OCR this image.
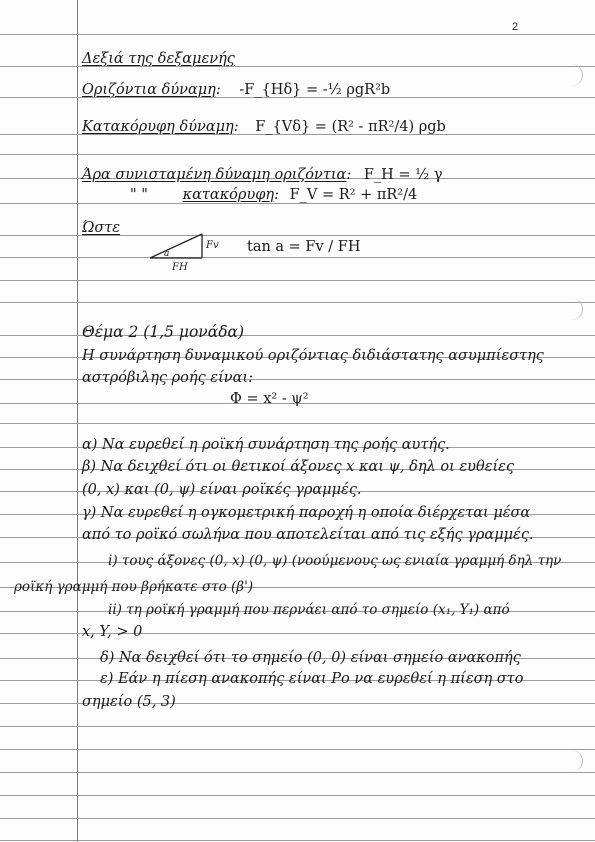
2
Δεξιά της δεξαμενής
Οριζόντια δύναμη: -F_{Hδ} = -½ ρgR²b
Κατακόρυφη δύναμη: F_{Vδ} = (R² - πR²/4) ρgb
Άρα συνισταμένη δύναμη οριζόντια: F_H = ½ γ
" " κατακόρυφη: F_V = R² + πR²/4
Ώστε
a
Fv
FH
tan a = Fv / FH
Θέμα 2 (1,5 μονάδα)
Η συνάρτηση δυναμικού οριζόντιας διδιάστατης ασυμπίεστης
αστρόβιλης ροής είναι:
Φ = x² - ψ²
α) Να ευρεθεί η ροϊκή συνάρτηση της ροής αυτής.
β) Να δειχθεί ότι οι θετικοί άξονες x και ψ, δηλ οι ευθείες
(0, x) και (0, ψ) είναι ροϊκές γραμμές.
γ) Να ευρεθεί η ογκομετρική παροχή η οποία διέρχεται μέσα
από το ροϊκό σωλήνα που αποτελείται από τις εξής γραμμές.
i) τους άξονες (0, x) (0, ψ) (νοούμενους ως ενιαία γραμμή δηλ την
ροϊκή γραμμή που βρήκατε στο (β')
ii) τη ροϊκή γραμμή που περνάει από το σημείο (x₁, Y₁) από
x, Y, > 0
δ) Να δειχθεί ότι το σημείο (0, 0) είναι σημείο ανακοπής
ε) Εάν η πίεση ανακοπής είναι Ρο να ευρεθεί η πίεση στο
σημείο (5, 3)
